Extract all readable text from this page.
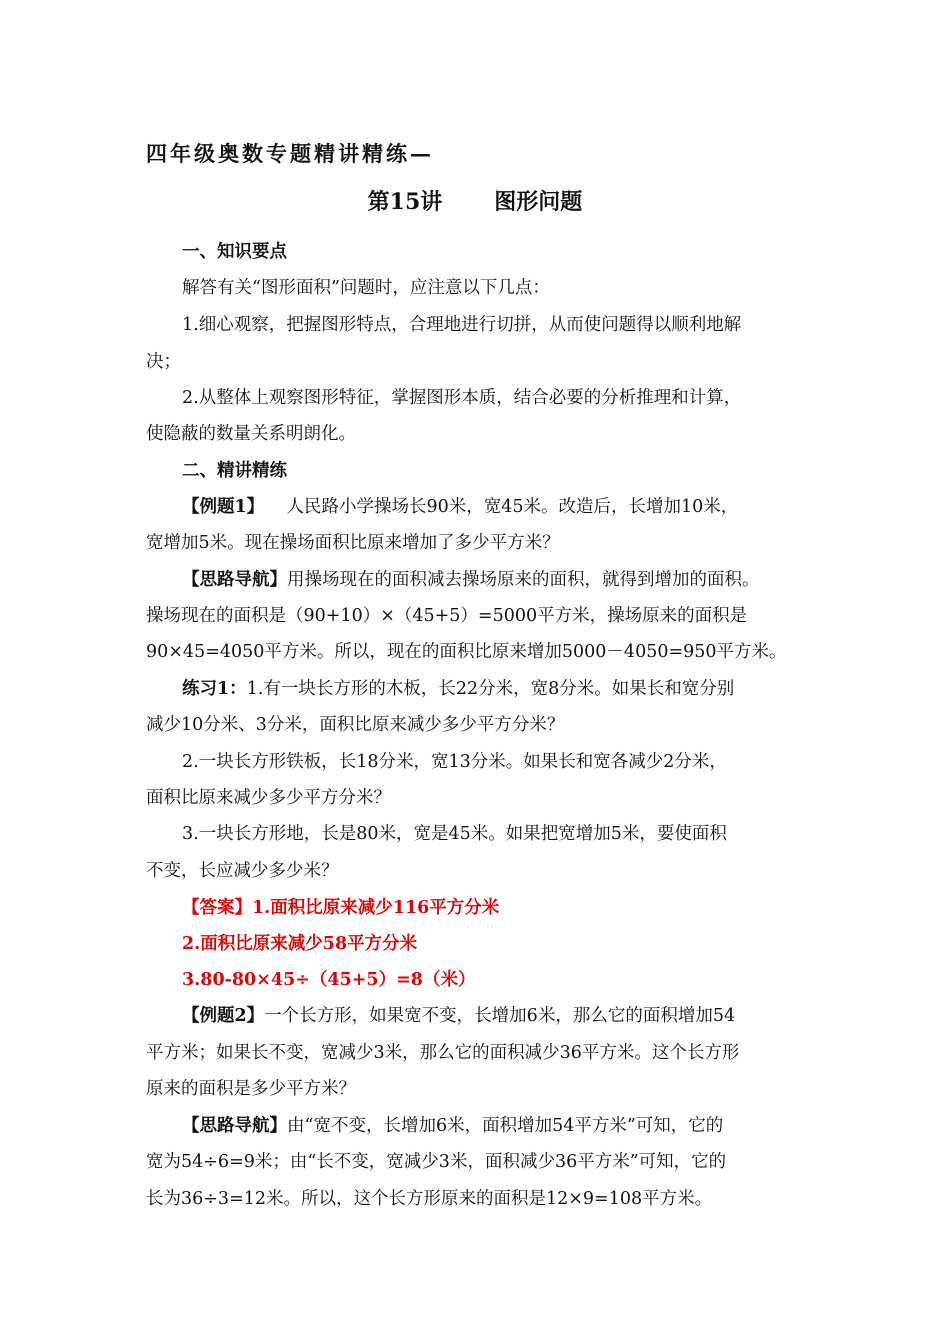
四年级奥数专题精讲精练—
第15讲 图形问题
一、知识要点
解答有关“图形面积”问题时，应注意以下几点：
1.细心观察，把握图形特点，合理地进行切拼，从而使问题得以顺利地解
决；
2.从整体上观察图形特征，掌握图形本质，结合必要的分析推理和计算，
使隐蔽的数量关系明朗化。
二、精讲精练
【例题1】 人民路小学操场长90米，宽45米。改造后，长增加10米，
宽增加5米。现在操场面积比原来增加了多少平方米？
【思路导航】用操场现在的面积减去操场原来的面积，就得到增加的面积。
操场现在的面积是（90+10）×（45+5）=5000平方米，操场原来的面积是
90×45=4050平方米。所以，现在的面积比原来增加5000－4050=950平方米。
练习1：1.有一块长方形的木板，长22分米，宽8分米。如果长和宽分别
减少10分米、3分米，面积比原来减少多少平方分米？
2.一块长方形铁板，长18分米，宽13分米。如果长和宽各减少2分米，
面积比原来减少多少平方分米？
3.一块长方形地，长是80米，宽是45米。如果把宽增加5米，要使面积
不变，长应减少多少米？
【答案】1.面积比原来减少116平方分米
2.面积比原来减少58平方分米
3.80-80×45÷（45+5）=8（米）
【例题2】一个长方形，如果宽不变，长增加6米，那么它的面积增加54
平方米；如果长不变，宽减少3米，那么它的面积减少36平方米。这个长方形
原来的面积是多少平方米？
【思路导航】由“宽不变，长增加6米，面积增加54平方米”可知，它的
宽为54÷6=9米；由“长不变，宽减少3米，面积减少36平方米”可知，它的
长为36÷3=12米。所以，这个长方形原来的面积是12×9=108平方米。
